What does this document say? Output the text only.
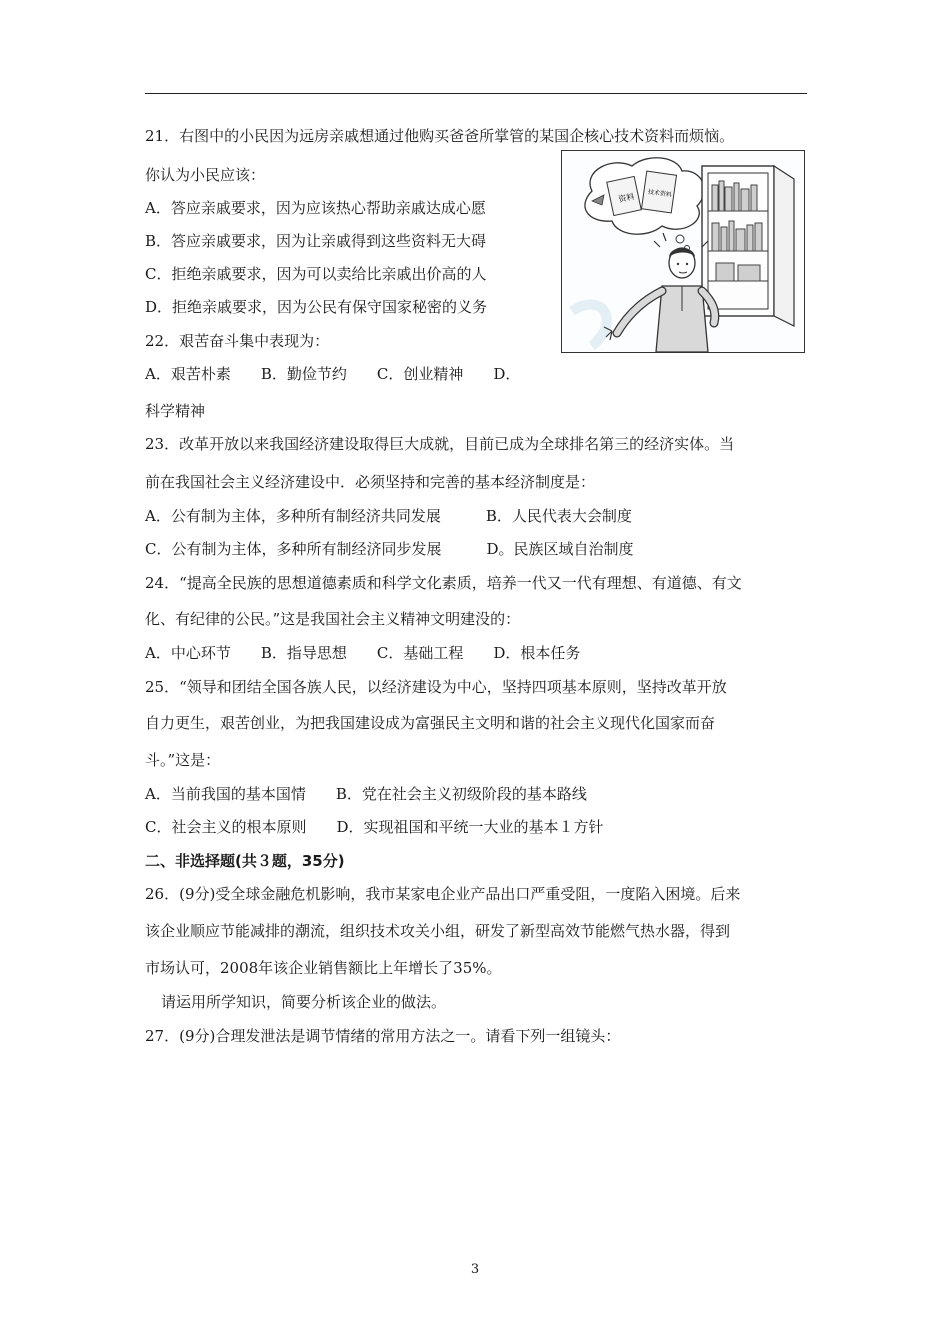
21．右图中的小民因为远房亲戚想通过他购买爸爸所掌管的某国企核心技术资料而烦恼。
你认为小民应该：
A．答应亲戚要求，因为应该热心帮助亲戚达成心愿
B．答应亲戚要求，因为让亲戚得到这些资料无大碍
C．拒绝亲戚要求，因为可以卖给比亲戚出价高的人
D．拒绝亲戚要求，因为公民有保守国家秘密的义务
资料 技术资料
22．艰苦奋斗集中表现为：
A．艰苦朴素　　B．勤俭节约　　C．创业精神　　D．
科学精神
23．改革开放以来我国经济建设取得巨大成就，目前已成为全球排名第三的经济实体。当
前在我国社会主义经济建设中．必须坚持和完善的基本经济制度是：
A．公有制为主体，多种所有制经济共同发展　　　B．人民代表大会制度
C．公有制为主体，多种所有制经济同步发展　　　D。民族区域自治制度
24．“提高全民族的思想道德素质和科学文化素质，培养一代又一代有理想、有道德、有文
化、有纪律的公民。”这是我国社会主义精神文明建没的：
A．中心环节　　B．指导思想　　C．基础工程　　D．根本任务
25．“领导和团结全国各族人民，以经济建设为中心，坚持四项基本原则，坚持改革开放
自力更生，艰苦创业，为把我国建设成为富强民主文明和谐的社会主义现代化国家而奋
斗。”这是：
A．当前我国的基本国情　　B．党在社会主义初级阶段的基本路线
C．社会主义的根本原则　　D．实现祖国和平统一大业的基本１方针
二、非选择题(共３题，35分)
26．(9分)受全球金融危机影响，我市某家电企业产品出口严重受阻，一度陷入困境。后来
该企业顺应节能减排的潮流，组织技术攻关小组，研发了新型高效节能燃气热水器，得到
市场认可，2008年该企业销售额比上年增长了35%。
请运用所学知识，简要分析该企业的做法。
27．(9分)合理发泄法是调节情绪的常用方法之一。请看下列一组镜头：
3
